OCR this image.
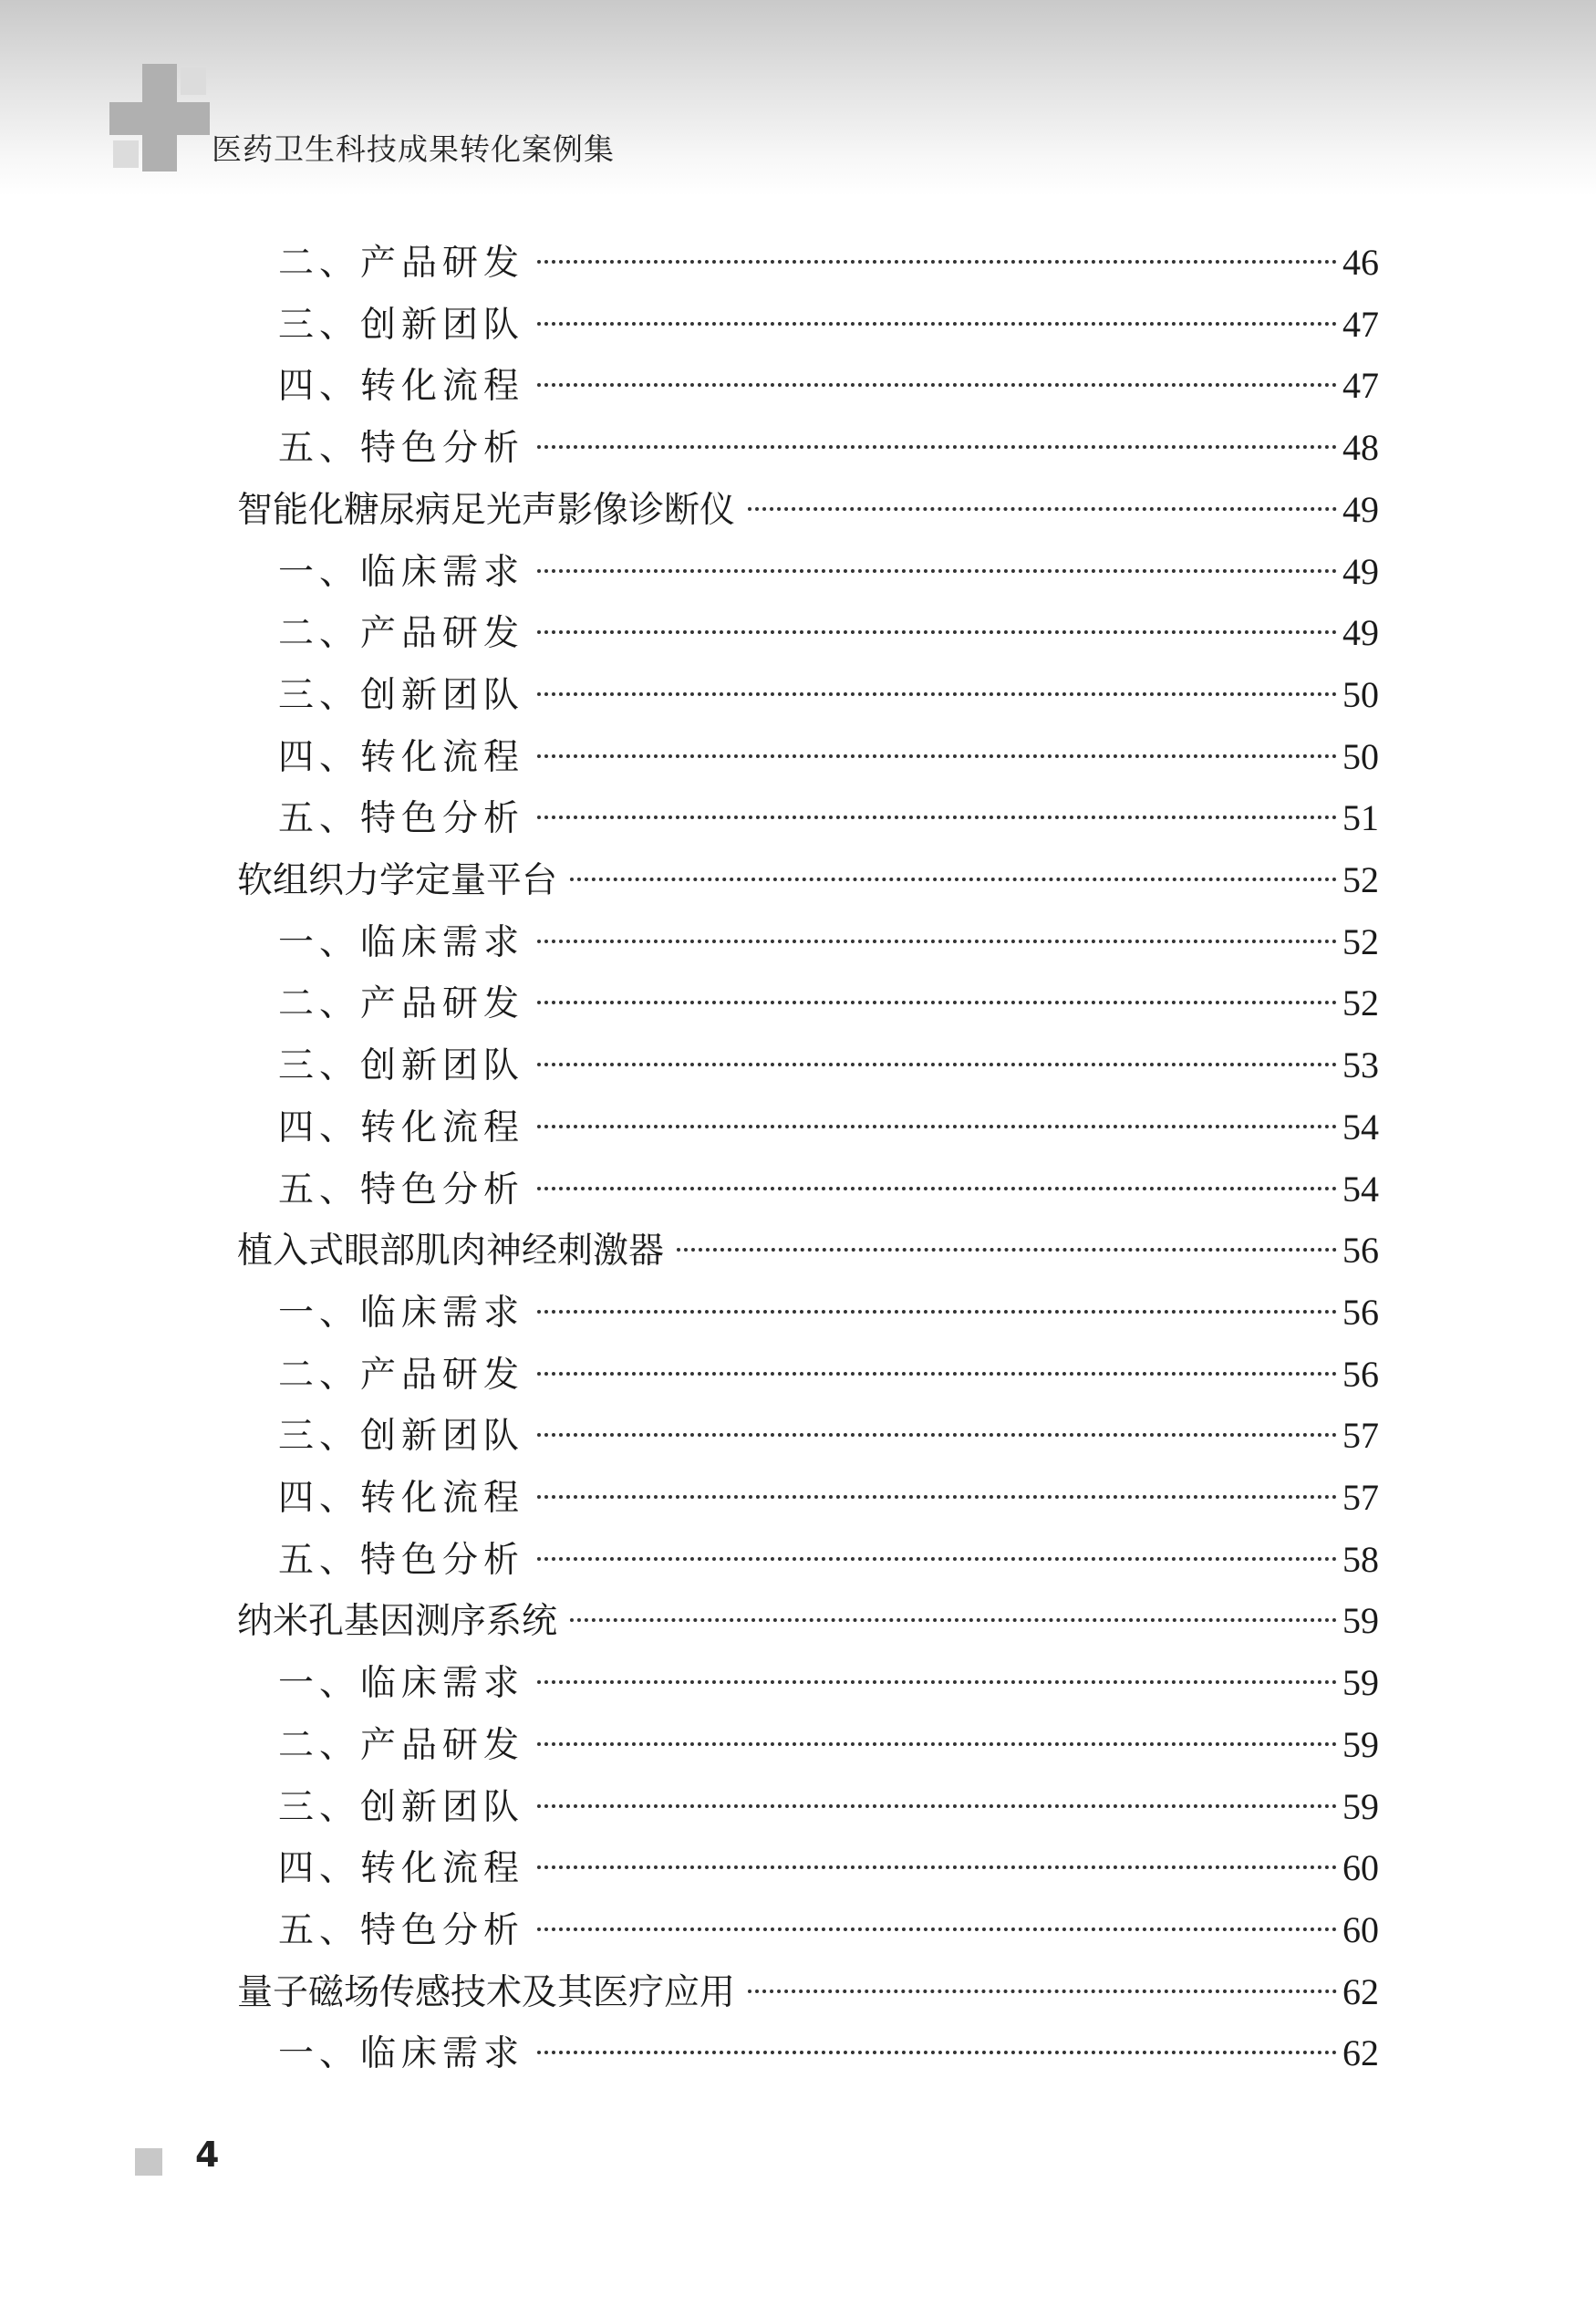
医药卫生科技成果转化案例集
二、产品研发	46
三、创新团队	47
四、转化流程	47
五、特色分析	48
智能化糖尿病足光声影像诊断仪	49
一、临床需求	49
二、产品研发	49
三、创新团队	50
四、转化流程	50
五、特色分析	51
软组织力学定量平台	52
一、临床需求	52
二、产品研发	52
三、创新团队	53
四、转化流程	54
五、特色分析	54
植入式眼部肌肉神经刺激器	56
一、临床需求	56
二、产品研发	56
三、创新团队	57
四、转化流程	57
五、特色分析	58
纳米孔基因测序系统	59
一、临床需求	59
二、产品研发	59
三、创新团队	59
四、转化流程	60
五、特色分析	60
量子磁场传感技术及其医疗应用	62
一、临床需求	62
4
